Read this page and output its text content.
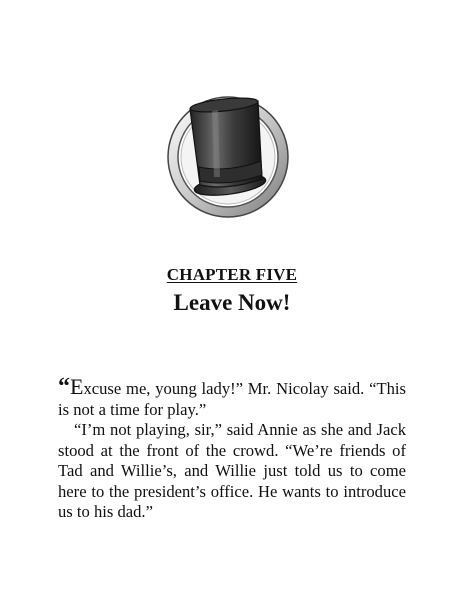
CHAPTER FIVE
Leave Now!

“Excuse me, young lady!” Mr. Nicolay said. “This is not a time for play.”

“I’m not playing, sir,” said Annie as she and Jack stood at the front of the crowd. “We’re friends of Tad and Willie’s, and Willie just told us to come here to the president’s office. He wants to introduce us to his dad.”
